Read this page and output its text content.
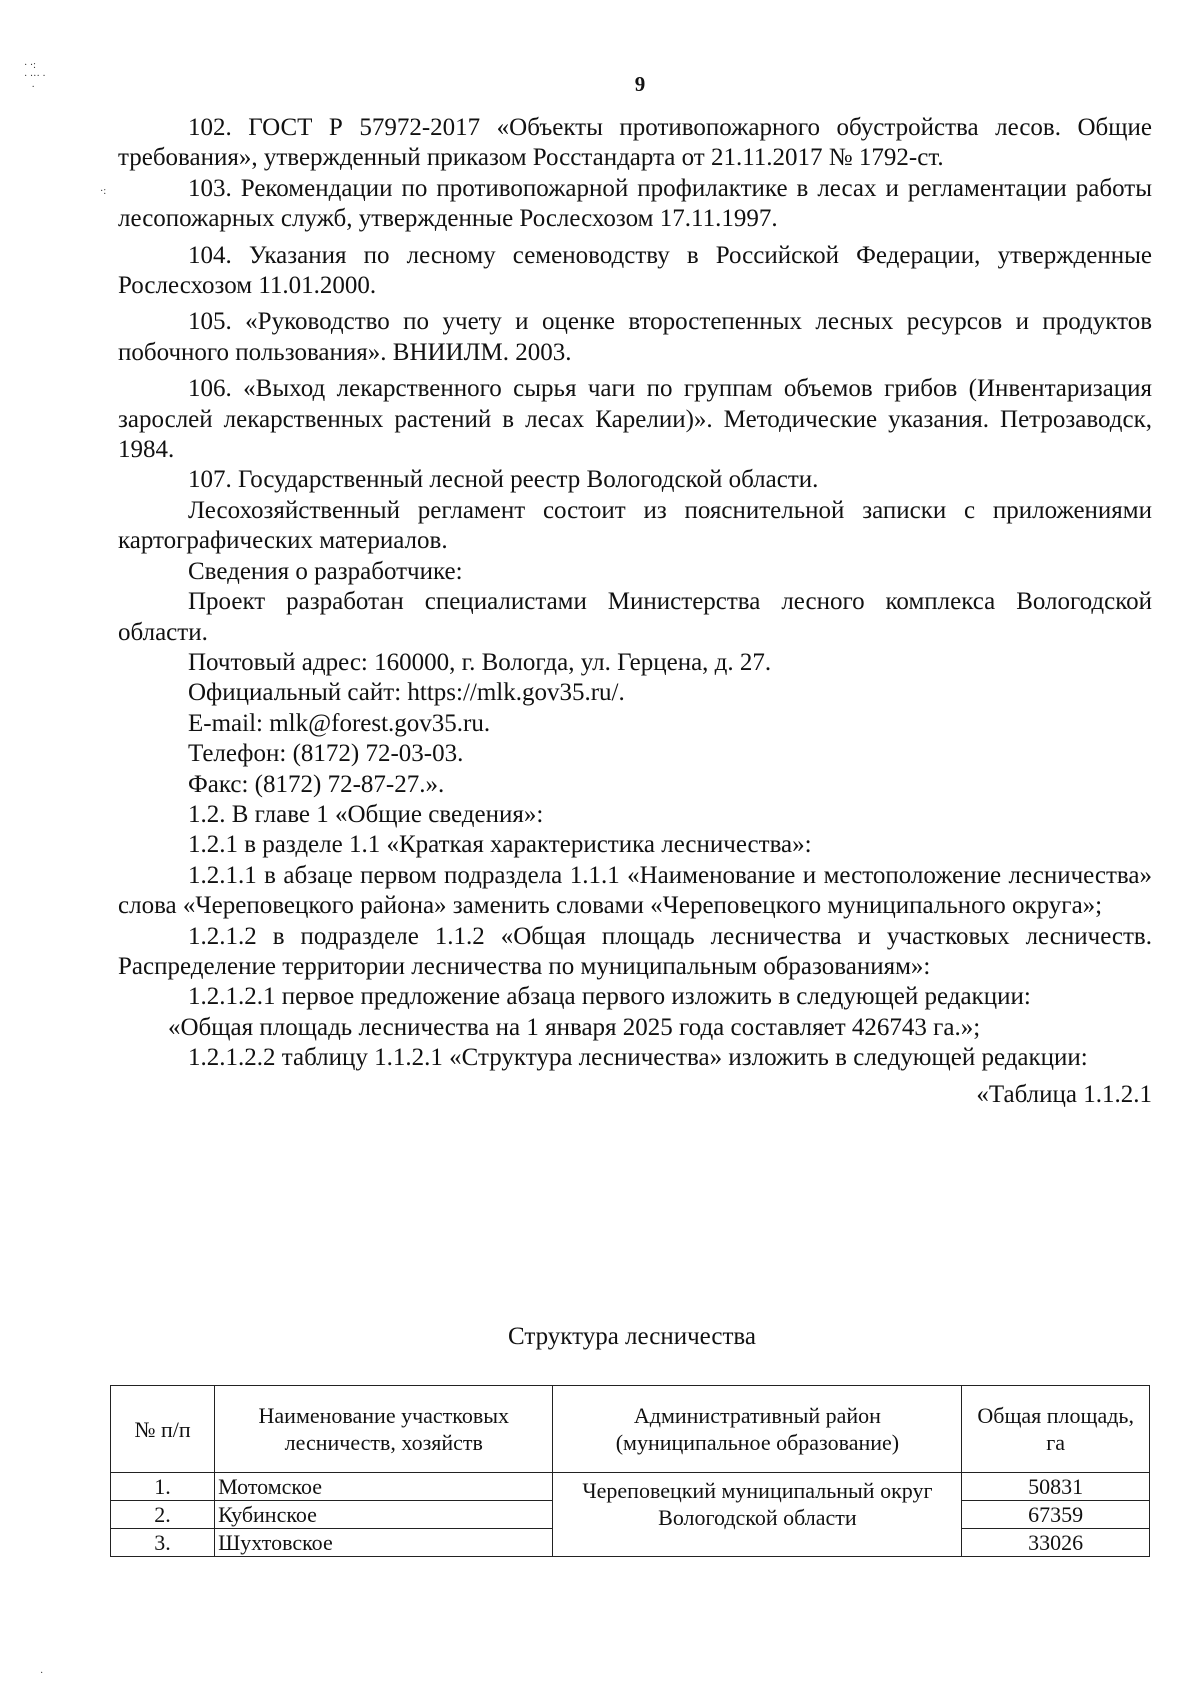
· ·:
· ··· ·
·
·:
·
9

102. ГОСТ Р 57972-2017 «Объекты противопожарного обустройства лесов. Общие требования», утвержденный приказом Росстандарта от 21.11.2017 № 1792-ст.

103. Рекомендации по противопожарной профилактике в лесах и регламентации работы лесопожарных служб, утвержденные Рослесхозом 17.11.1997.

104. Указания по лесному семеноводству в Российской Федерации, утвержденные Рослесхозом 11.01.2000.

105. «Руководство по учету и оценке второстепенных лесных ресурсов и продуктов побочного пользования». ВНИИЛМ. 2003.

106. «Выход лекарственного сырья чаги по группам объемов грибов (Инвентаризация зарослей лекарственных растений в лесах Карелии)». Методические указания. Петрозаводск, 1984.

107. Государственный лесной реестр Вологодской области.

Лесохозяйственный регламент состоит из пояснительной записки с приложениями картографических материалов.

Сведения о разработчике:

Проект разработан специалистами Министерства лесного комплекса Вологодской области.

Почтовый адрес: 160000, г. Вологда, ул. Герцена, д. 27.

Официальный сайт: https://mlk.gov35.ru/.

E-mail: mlk@forest.gov35.ru.

Телефон: (8172) 72-03-03.

Факс: (8172) 72-87-27.».

1.2. В главе 1 «Общие сведения»:

1.2.1 в разделе 1.1 «Краткая характеристика лесничества»:

1.2.1.1 в абзаце первом подраздела 1.1.1 «Наименование и местоположение лесничества» слова «Череповецкого района» заменить словами «Череповецкого муниципального округа»;

1.2.1.2 в подразделе 1.1.2 «Общая площадь лесничества и участковых лесничеств. Распределение территории лесничества по муниципальным образованиям»:

1.2.1.2.1 первое предложение абзаца первого изложить в следующей редакции:

«Общая площадь лесничества на 1 января 2025 года составляет 426743 га.»;

1.2.1.2.2 таблицу 1.1.2.1 «Структура лесничества» изложить в следующей редакции:

«Таблица 1.1.2.1

Структура лесничества
№ п/п	Наименование участковых лесничеств, хозяйств	Административный район (муниципальное образование)	Общая площадь, га
1.	Мотомское	Череповецкий муниципальный округ Вологодской области	50831
2.	Кубинское		67359
3.	Шухтовское		33026
